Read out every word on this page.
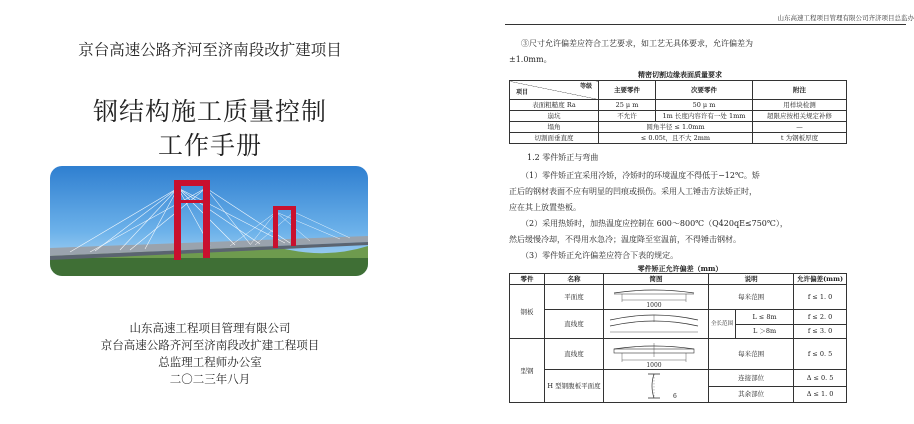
京台高速公路齐河至济南段改扩建项目
钢结构施工质量控制
工作手册
山东高速工程项目管理有限公司
京台高速公路齐河至济南段改扩建工程项目
总监理工程师办公室
二〇二三年八月
山东高速工程项目管理有限公司齐济项目总监办
③尺寸允许偏差应符合工艺要求，如工艺无具体要求，允许偏差为
±1.0mm。
精密切割边缘表面质量要求
等级
项目	主要零件	次要零件	附注
表面粗糙度 Ra	25 μ m	50 μ m	用样块检测
崩坑	不允许	1m 长度内容许有一处 1mm	超限应按相关规定补修
塌角	圆角半径 ≤ 1.0mm		—
切割面垂直度	≤ 0.05t，且不大 2mm		t 为钢板厚度
1.2 零件矫正与弯曲
（1）零件矫正宜采用冷矫，冷矫时的环境温度不得低于−12℃。矫
正后的钢材表面不应有明显的凹痕或损伤。采用人工锤击方法矫正时，
应在其上放置垫板。
（2）采用热矫时，加热温度应控制在 600～800℃（Q420qE≤750℃），
然后缓慢冷却，不得用水急冷；温度降至室温前，不得锤击钢材。
（3）零件矫正允许偏差应符合下表的规定。
零件矫正允许偏差（mm）
零件	名称	简图	说明		允许偏差(mm)
钢板	平面度	1000	每米范围		f ≤ 1. 0
	直线度		全长范围	L ≤ 8m	f ≤ 2. 0
				L ＞8m	f ≤ 3. 0
型钢	直线度	1000	每米范围		f ≤ 0. 5
	H 型钢腹板平面度		连接部位		Δ ≤ 0. 5
			其余部位		Δ ≤ 1. 0
6
